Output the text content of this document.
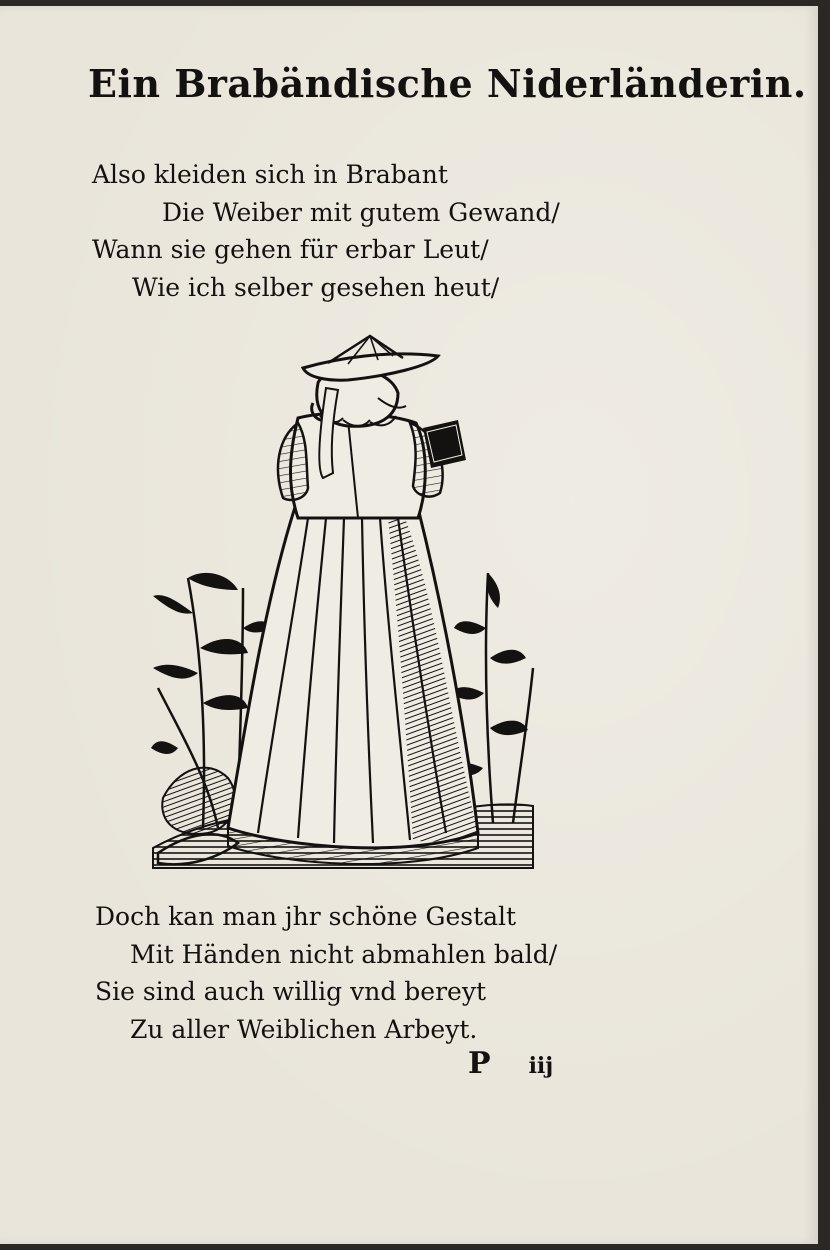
Ein Brabändische Niderländerin.
Also kleiden sich in Brabant
Die Weiber mit gutem Gewand/
Wann sie gehen für erbar Leut/
Wie ich selber gesehen heut/
Doch kan man jhr schöne Gestalt
Mit Händen nicht abmahlen bald/
Sie sind auch willig vnd bereyt
Zu aller Weiblichen Arbeyt.
P iij
